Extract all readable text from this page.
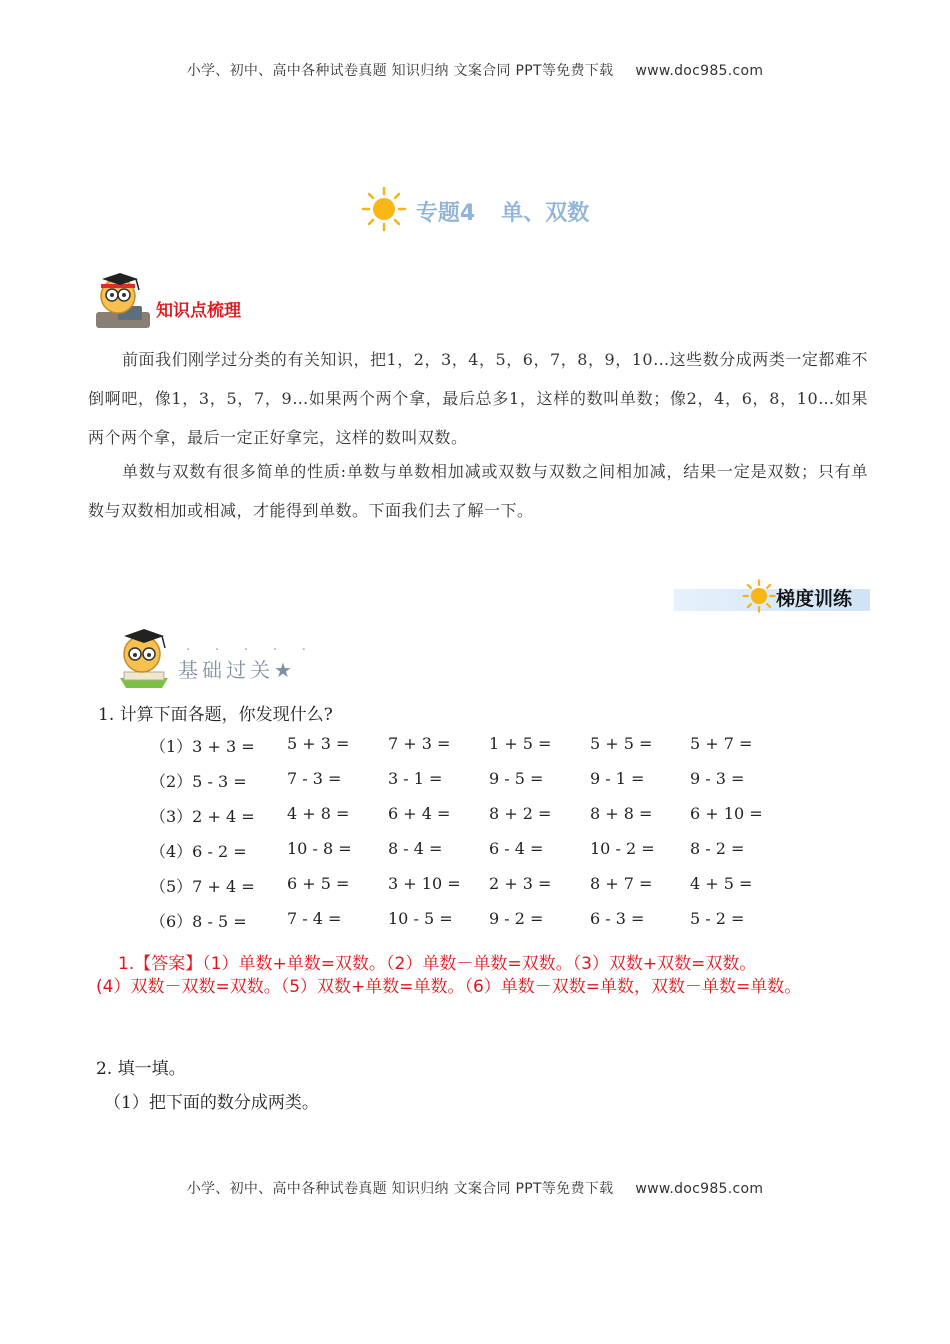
小学、初中、高中各种试卷真题 知识归纳 文案合同 PPT等免费下载 www.doc985.com
专题4 单、双数
知识点梳理
前面我们刚学过分类的有关知识，把1，2，3，4，5，6，7，8，9，10…这些数分成两类一定都难不倒啊吧，像1，3，5，7，9…如果两个两个拿，最后总多1，这样的数叫单数；像2，4，6，8，10…如果两个两个拿，最后一定正好拿完，这样的数叫双数。
单数与双数有很多简单的性质:单数与单数相加减或双数与双数之间相加减，结果一定是双数；只有单数与双数相加或相减，才能得到单数。下面我们去了解一下。
梯度训练
· · · · ·
基础过关★
1. 计算下面各题，你发现什么?
（1）3 + 3 = 5 + 3 = 7 + 3 = 1 + 5 = 5 + 5 = 5 + 7 =
（2）5 - 3 =	7 - 3 =	3 - 1 =	9 - 5 =	9 - 1 =	9 - 3 =
（3）2 + 4 = 4 + 8 = 6 + 4 = 8 + 2 = 8 + 8 = 6 + 10 =
（4）6 - 2 =	10 - 8 = 8 - 4 =	6 - 4 =	10 - 2 = 8 - 2 =
（5）7 + 4 = 6 + 5 = 3 + 10 = 2 + 3 = 8 + 7 = 4 + 5 =
（6）8 - 5 =	7 - 4 =	10 - 5 = 9 - 2 =	6 - 3 =	5 - 2 =
1.【答案】（1）单数+单数=双数。（2）单数－单数=双数。（3）双数+双数=双数。
(4）双数－双数=双数。（5）双数+单数=单数。（6）单数－双数=单数，双数－单数=单数。
2. 填一填。
（1）把下面的数分成两类。
小学、初中、高中各种试卷真题 知识归纳 文案合同 PPT等免费下载 www.doc985.com
